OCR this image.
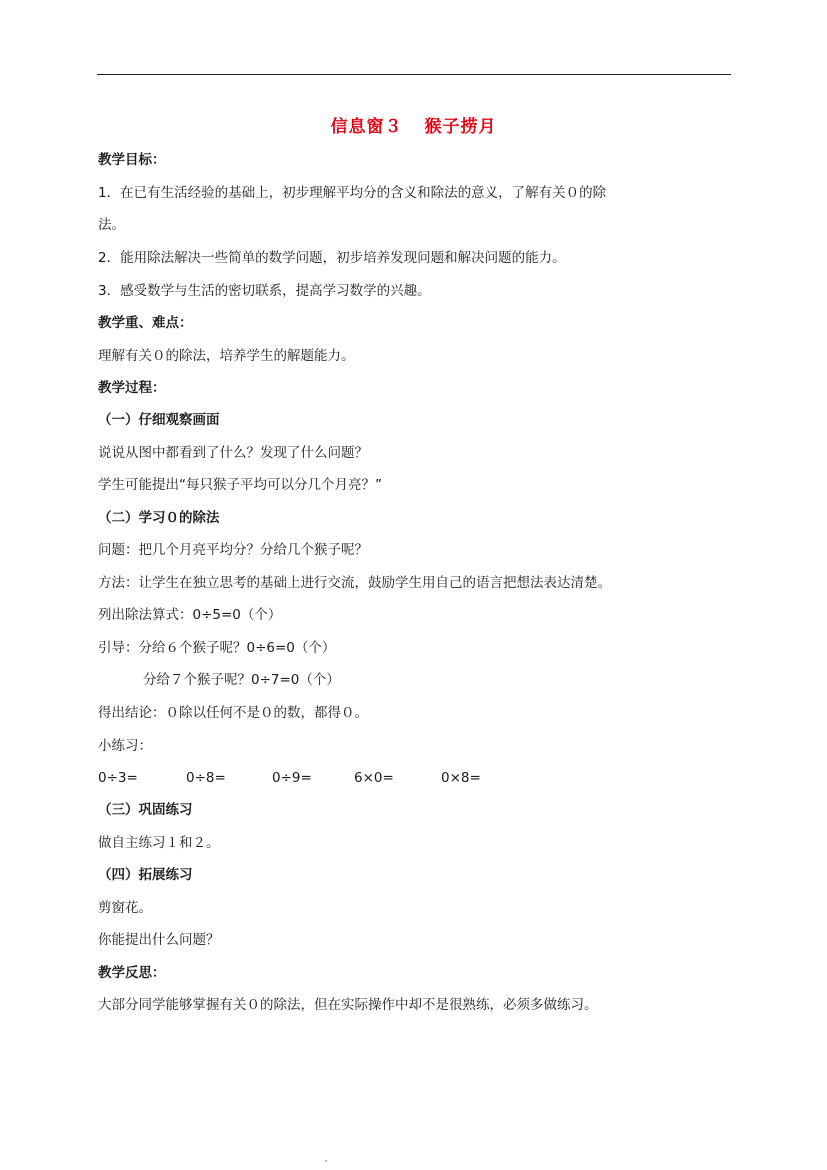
信息窗３ 猴子捞月
教学目标：
1．在已有生活经验的基础上，初步理解平均分的含义和除法的意义，了解有关０的除
法。
2．能用除法解决一些简单的数学问题，初步培养发现问题和解决问题的能力。
3．感受数学与生活的密切联系，提高学习数学的兴趣。
教学重、难点：
理解有关０的除法，培养学生的解题能力。
教学过程：
（一）仔细观察画面
说说从图中都看到了什么？发现了什么问题？
学生可能提出“每只猴子平均可以分几个月亮？”
（二）学习０的除法
问题：把几个月亮平均分？分给几个猴子呢？
方法：让学生在独立思考的基础上进行交流，鼓励学生用自己的语言把想法表达清楚。
列出除法算式：0÷5=0（个）
引导：分给６个猴子呢？0÷6=0（个）
分给７个猴子呢？0÷7=0（个）
得出结论：０除以任何不是０的数，都得０。
小练习：
0÷3=	0÷8=	0÷9=	6×0=	0×8=
（三）巩固练习
做自主练习１和２。
（四）拓展练习
剪窗花。
你能提出什么问题？
教学反思：
大部分同学能够掌握有关０的除法，但在实际操作中却不是很熟练，必须多做练习。
